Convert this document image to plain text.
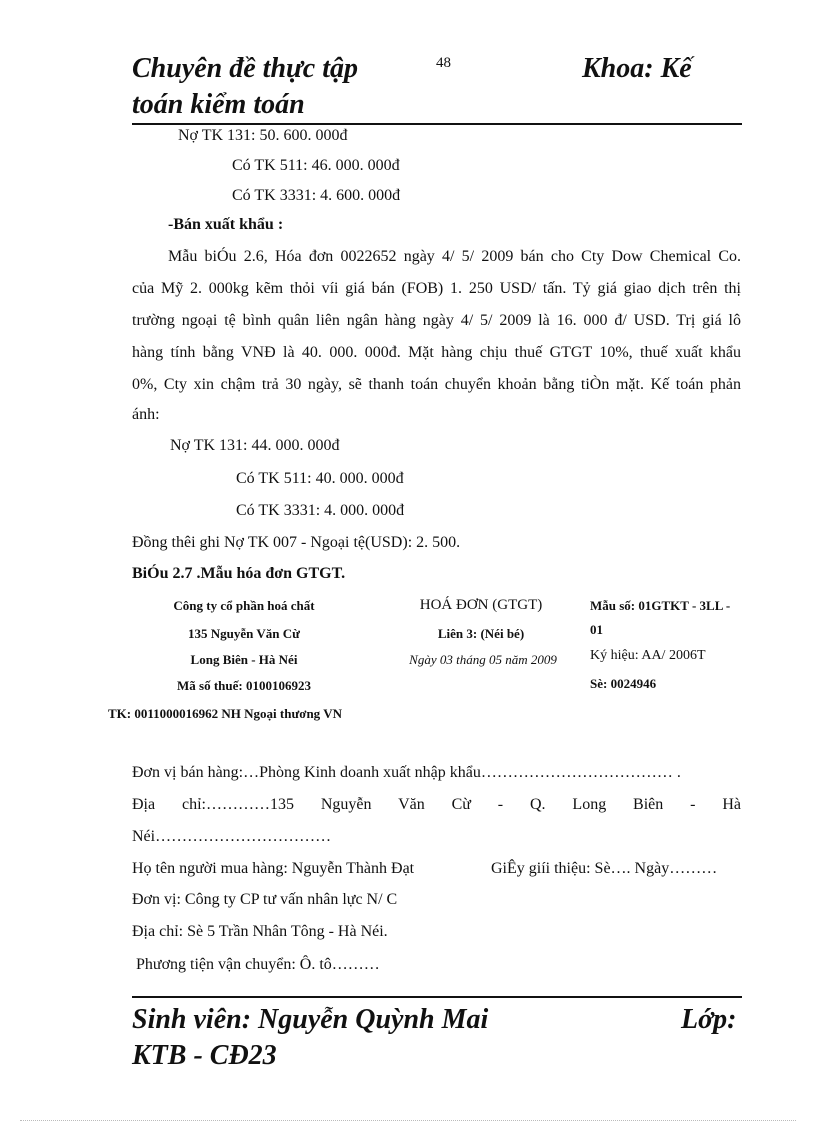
Chuyên đề thực tập
toán kiểm toán
48	Khoa: Kế
Nợ TK 131: 50. 600. 000đ
Có TK 511: 46. 000. 000đ
Có TK 3331: 4. 600. 000đ
-Bán xuất khẩu :
Mẫu biÓu 2.6, Hóa đơn 0022652 ngày 4/ 5/ 2009 bán cho Cty Dow Chemical Co.
của Mỹ 2. 000kg kẽm thỏi víi giá bán (FOB) 1. 250 USD/ tấn. Tỷ giá giao dịch trên thị
trường ngoại tệ bình quân liên ngân hàng ngày 4/ 5/ 2009 là 16. 000 đ/ USD. Trị giá lô
hàng tính bằng VNĐ là 40. 000. 000đ. Mặt hàng chịu thuế GTGT 10%, thuế xuất khẩu
0%, Cty xin chậm trả 30 ngày, sẽ thanh toán chuyển khoản bằng tiÒn mặt. Kế toán phản
ánh:
Nợ TK 131: 44. 000. 000đ
Có TK 511: 40. 000. 000đ
Có TK 3331: 4. 000. 000đ
Đồng thêi ghi Nợ TK 007 - Ngoại tệ(USD): 2. 500.
BiÓu 2.7 .Mẫu hóa đơn GTGT.
Công ty cổ phần hoá chất
135 Nguyễn Văn Cừ
Long Biên - Hà Néi
Mã số thuế: 0100106923
TK: 0011000016962 NH Ngoại thương VN
HOÁ ĐƠN (GTGT)
Liên 3: (Néi bé)
Ngày 03 tháng 05 năm 2009
Mẫu số: 01GTKT - 3LL -
01
Ký hiệu: AA/ 2006T
Sè: 0024946
Đơn vị bán hàng:…Phòng Kinh doanh xuất nhập khẩu……………………………… .
Địa chỉ:…………135 Nguyễn Văn Cừ - Q. Long Biên - Hà
Néi……………………………
Họ tên người mua hàng: Nguyễn Thành Đạt	GiÊy giíi thiệu: Sè…. Ngày………
Đơn vị: Công ty CP tư vấn nhân lực N/ C
Địa chỉ: Sè 5 Trần Nhân Tông - Hà Néi.
Phương tiện vận chuyển: Ô. tô………
Sinh viên: Nguyễn Quỳnh Mai	Lớp:
KTB - CĐ23
